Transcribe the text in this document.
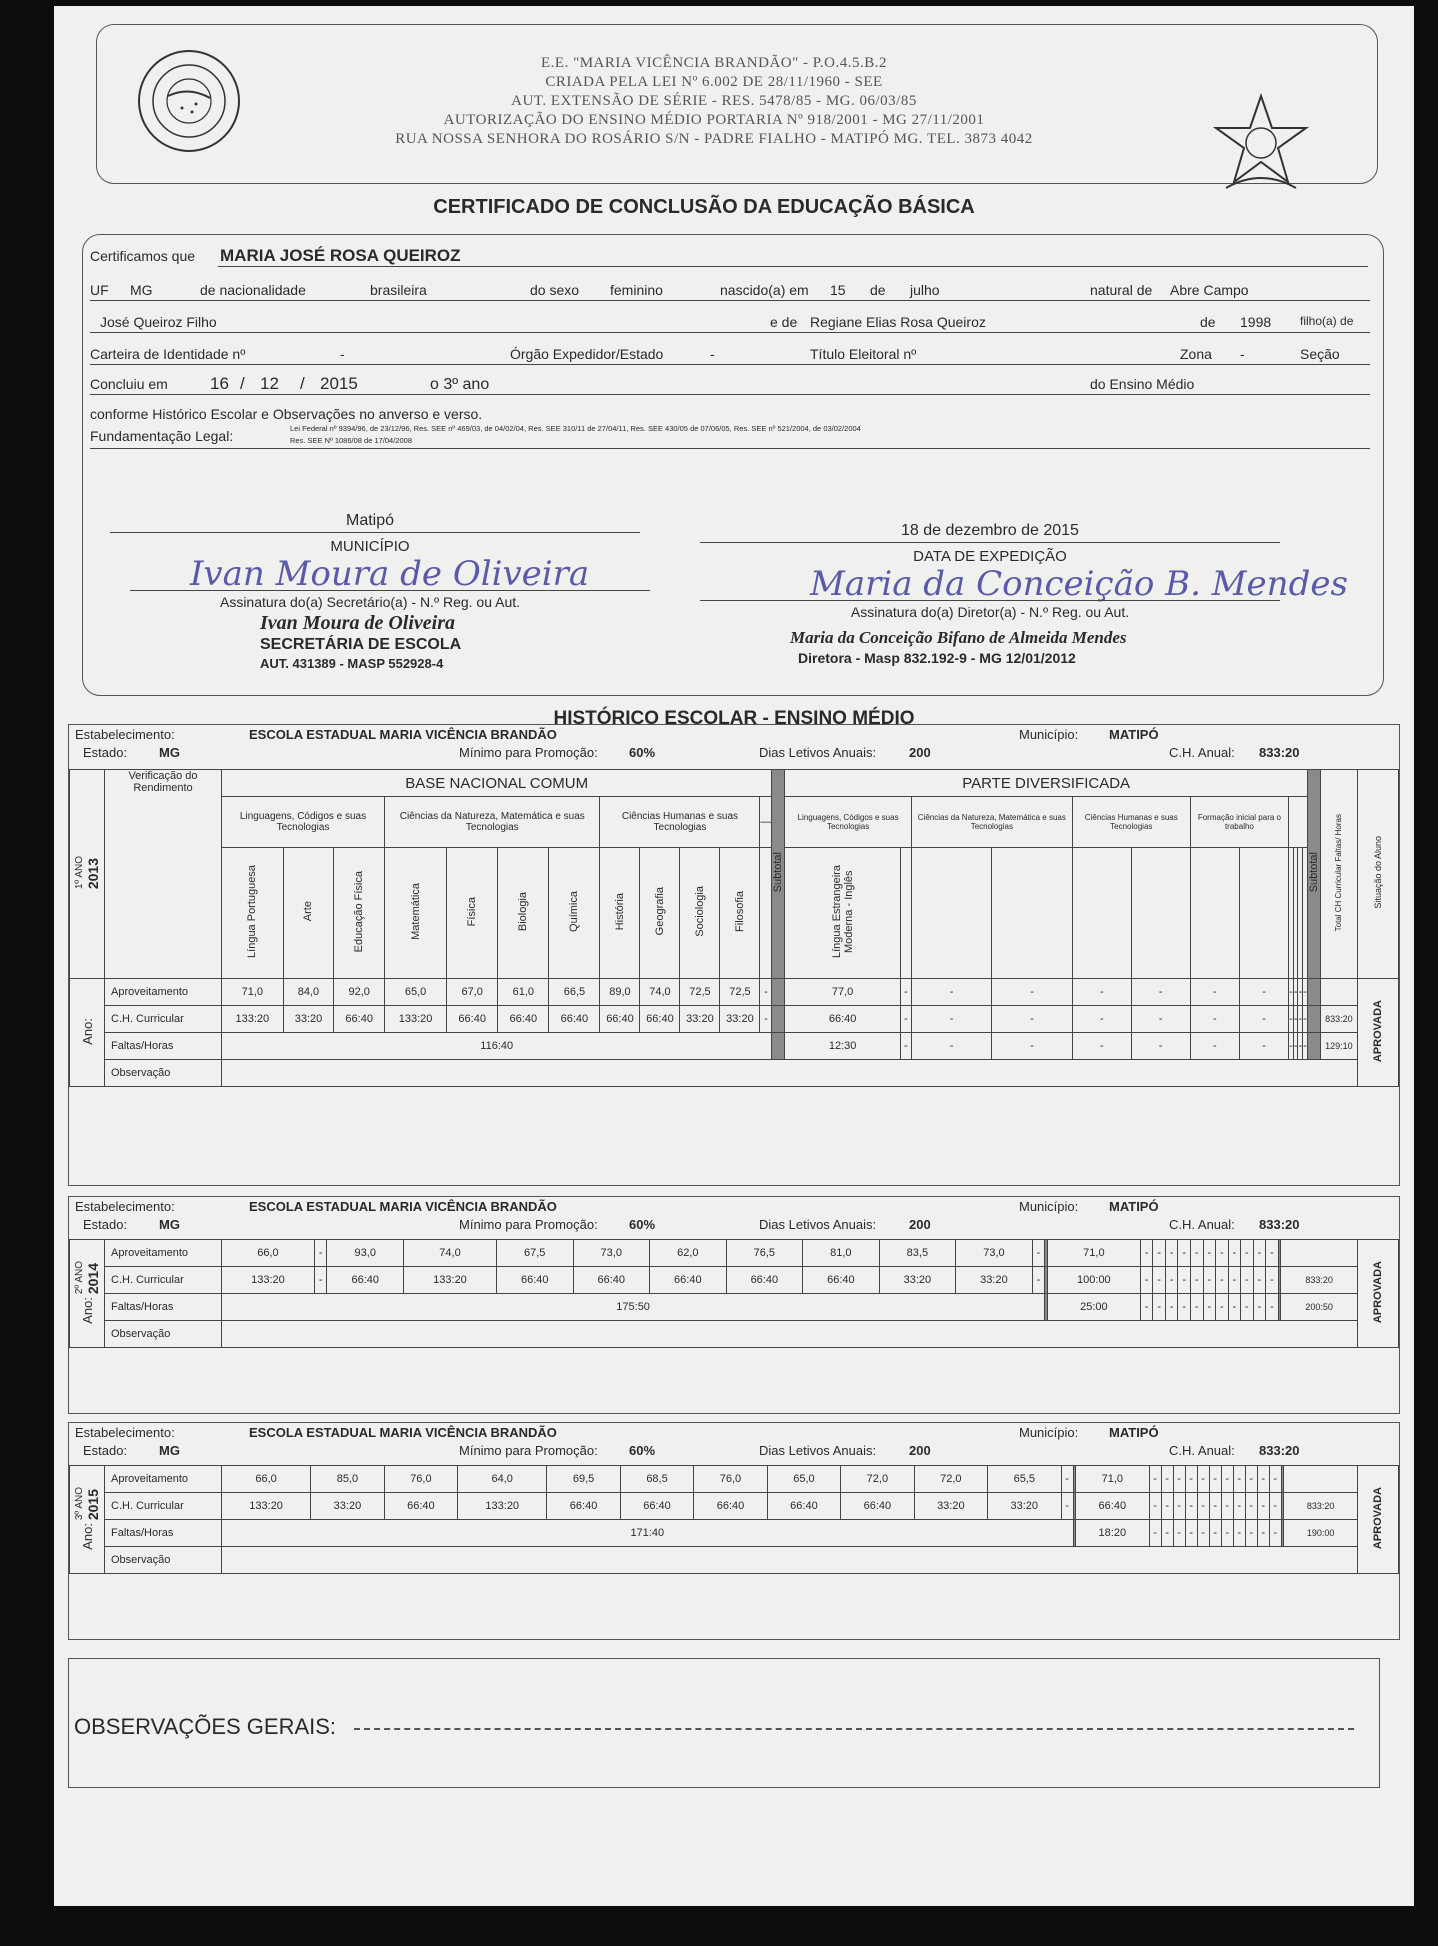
E.E. "MARIA VICÊNCIA BRANDÃO" - P.O.4.5.B.2
CRIADA PELA LEI Nº 6.002 DE 28/11/1960 - SEE
AUT. EXTENSÃO DE SÉRIE - RES. 5478/85 - MG. 06/03/85
AUTORIZAÇÃO DO ENSINO MÉDIO PORTARIA Nº 918/2001 - MG 27/11/2001
RUA NOSSA SENHORA DO ROSÁRIO S/N - PADRE FIALHO - MATIPÓ MG. TEL. 3873 4042
CERTIFICADO DE CONCLUSÃO DA EDUCAÇÃO BÁSICA
Certificamos que MARIA JOSÉ ROSA QUEIROZ
UF MG	de nacionalidade	brasileira	do sexo feminino	nascido(a) em 15 de julho	natural de Abre Campo
José Queiroz Filho	e de Regiane Elias Rosa Queiroz	de 1998 filho(a) de
Carteira de Identidade nº	-	Órgão Expedidor/Estado	-	Título Eleitoral nº	Zona -	Seção
Concluiu em 16 / 12 / 2015	o 3º ano	do Ensino Médio
conforme Histórico Escolar e Observações no anverso e verso.
Fundamentação Legal:	Lei Federal nº 9394/96, de 23/12/96, Res. SEE nº 469/03, de 04/02/04, Res. SEE 310/11 de 27/04/11, Res. SEE 430/05 de 07/06/05, Res. SEE nº 521/2004, de 03/02/2004
Res. SEE Nº 1086/08 de 17/04/2008
Matipó
MUNICÍPIO
18 de dezembro de 2015
DATA DE EXPEDIÇÃO
Ivan Moura de Oliveira
Assinatura do(a) Secretário(a) - N.º Reg. ou Aut.
Ivan Moura de Oliveira
SECRETÁRIA DE ESCOLA
AUT. 431389 - MASP 552928-4
Maria da Conceição B. Mendes
Assinatura do(a) Diretor(a) - N.º Reg. ou Aut.
Maria da Conceição Bifano de Almeida Mendes
Diretora - Masp 832.192-9 - MG 12/01/2012
HISTÓRICO ESCOLAR - ENSINO MÉDIO
Estabelecimento:	ESCOLA ESTADUAL MARIA VICÊNCIA BRANDÃO
Estado: MG	Mínimo para Promoção: 60%	Dias Letivos Anuais:	200
Município: MATIPÓ
C.H. Anual: 833:20
1º ANO2013	Verificação do Rendimento	BASE NACIONAL COMUM												Subtotal	PARTE DIVERSIFICADA												Subtotal	Total CH Curricular Faltas/ Horas	Situação do Aluno
		Linguagens, Códigos e suas Tecnologias			Ciências da Natureza, Matemática e suas Tecnologias				Ciências Humanas e suas Tecnologias				—		Linguagens, Códigos e suas Tecnologias		Ciências da Natureza, Matemática e suas Tecnologias		Ciências Humanas e suas Tecnologias		Formação inicial para o trabalho								
		Língua Portuguesa	Arte	Educação Física	Matemática	Física	Biologia	Química	História	Geografia	Sociologia	Filosofia			Língua Estrangeira Moderna - Inglês														
Ano:	Aproveitamento	71,0	84,0	92,0	65,0	67,0	61,0	66,5	89,0	74,0	72,5	72,5	-		77,0	-	-	-	-	-	-	-	-	-	-	-			APROVADA
	C.H. Curricular	133:20	33:20	66:40	133:20	66:40	66:40	66:40	66:40	66:40	33:20	33:20	-		66:40	-	-	-	-	-	-	-	-	-	-	-		833:20	
	Faltas/Horas	116:40													12:30	-	-	-	-	-	-	-	-	-	-	-		129:10	
	Observação																												
Estabelecimento:	ESCOLA ESTADUAL MARIA VICÊNCIA BRANDÃO
Estado: MG	Mínimo para Promoção: 60%	Dias Letivos Anuais:	200
Município: MATIPÓ
C.H. Anual: 833:20
2º ANO2014Ano:	Aproveitamento	66,0	-	93,0	74,0	67,5	73,0	62,0	76,5	81,0	83,5	73,0	-		71,0	-	-	-	-	-	-	-	-	-	-	-			APROVADA
	C.H. Curricular	133:20	-	66:40	133:20	66:40	66:40	66:40	66:40	66:40	33:20	33:20	-		100:00	-	-	-	-	-	-	-	-	-	-	-		833:20	
	Faltas/Horas	175:50													25:00	-	-	-	-	-	-	-	-	-	-	-		200:50	
	Observação																												
Estabelecimento:	ESCOLA ESTADUAL MARIA VICÊNCIA BRANDÃO
Estado: MG	Mínimo para Promoção: 60%	Dias Letivos Anuais:	200
Município: MATIPÓ
C.H. Anual: 833:20
3º ANO2015Ano:	Aproveitamento	66,0	85,0	76,0	64,0	69,5	68,5	76,0	65,0	72,0	72,0	65,5	-		71,0	-	-	-	-	-	-	-	-	-	-	-			APROVADA
	C.H. Curricular	133:20	33:20	66:40	133:20	66:40	66:40	66:40	66:40	66:40	33:20	33:20	-		66:40	-	-	-	-	-	-	-	-	-	-	-		833:20	
	Faltas/Horas	171:40													18:20	-	-	-	-	-	-	-	-	-	-	-		190:00	
	Observação																												
OBSERVAÇÕES GERAIS:
